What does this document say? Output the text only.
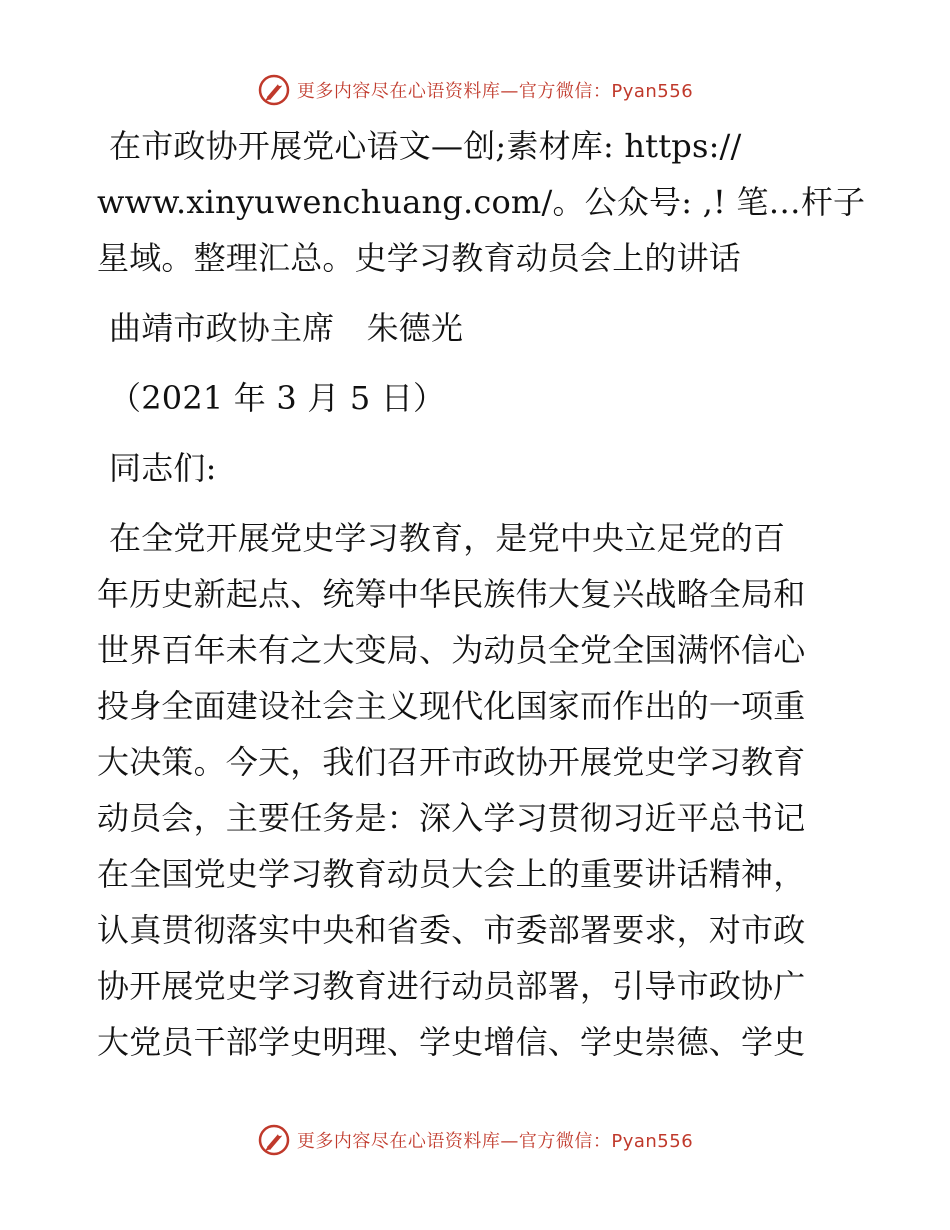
更多内容尽在心语资料库—官方微信：Pyan556
在市政协开展党心语文—创;素材库: https://
www.xinyuwenchuang.com/。公众号: ,! 笔…杆子
星域。整理汇总。史学习教育动员会上的讲话
曲靖市政协主席　朱德光
（2021 年 3 月 5 日）
同志们:
在全党开展党史学习教育，是党中央立足党的百
年历史新起点、统筹中华民族伟大复兴战略全局和
世界百年未有之大变局、为动员全党全国满怀信心
投身全面建设社会主义现代化国家而作出的一项重
大决策。今天，我们召开市政协开展党史学习教育
动员会，主要任务是：深入学习贯彻习近平总书记
在全国党史学习教育动员大会上的重要讲话精神，
认真贯彻落实中央和省委、市委部署要求，对市政
协开展党史学习教育进行动员部署，引导市政协广
大党员干部学史明理、学史增信、学史崇德、学史
更多内容尽在心语资料库—官方微信：Pyan556
